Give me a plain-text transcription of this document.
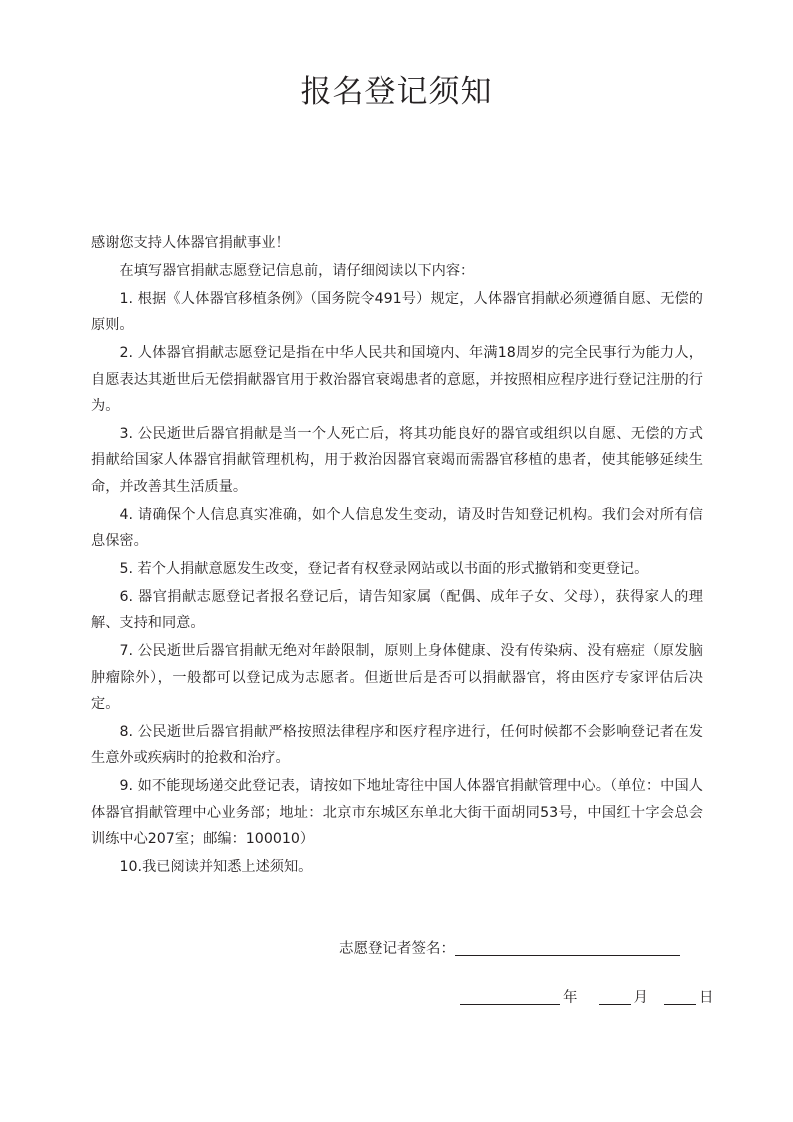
报名登记须知

感谢您支持人体器官捐献事业！

在填写器官捐献志愿登记信息前，请仔细阅读以下内容：

1. 根据《人体器官移植条例》（国务院令491号）规定，人体器官捐献必须遵循自愿、无偿的原则。

2. 人体器官捐献志愿登记是指在中华人民共和国境内、年满18周岁的完全民事行为能力人，自愿表达其逝世后无偿捐献器官用于救治器官衰竭患者的意愿，并按照相应程序进行登记注册的行为。

3. 公民逝世后器官捐献是当一个人死亡后，将其功能良好的器官或组织以自愿、无偿的方式捐献给国家人体器官捐献管理机构，用于救治因器官衰竭而需器官移植的患者，使其能够延续生命，并改善其生活质量。

4. 请确保个人信息真实准确，如个人信息发生变动，请及时告知登记机构。我们会对所有信息保密。

5. 若个人捐献意愿发生改变，登记者有权登录网站或以书面的形式撤销和变更登记。

6. 器官捐献志愿登记者报名登记后，请告知家属（配偶、成年子女、父母），获得家人的理解、支持和同意。

7. 公民逝世后器官捐献无绝对年龄限制，原则上身体健康、没有传染病、没有癌症（原发脑肿瘤除外），一般都可以登记成为志愿者。但逝世后是否可以捐献器官，将由医疗专家评估后决定。

8. 公民逝世后器官捐献严格按照法律程序和医疗程序进行，任何时候都不会影响登记者在发生意外或疾病时的抢救和治疗。

9. 如不能现场递交此登记表，请按如下地址寄往中国人体器官捐献管理中心。（单位：中国人体器官捐献管理中心业务部；地址：北京市东城区东单北大街干面胡同53号，中国红十字会总会训练中心207室；邮编：100010）

10.我已阅读并知悉上述须知。

志愿登记者签名：
年	月	日
